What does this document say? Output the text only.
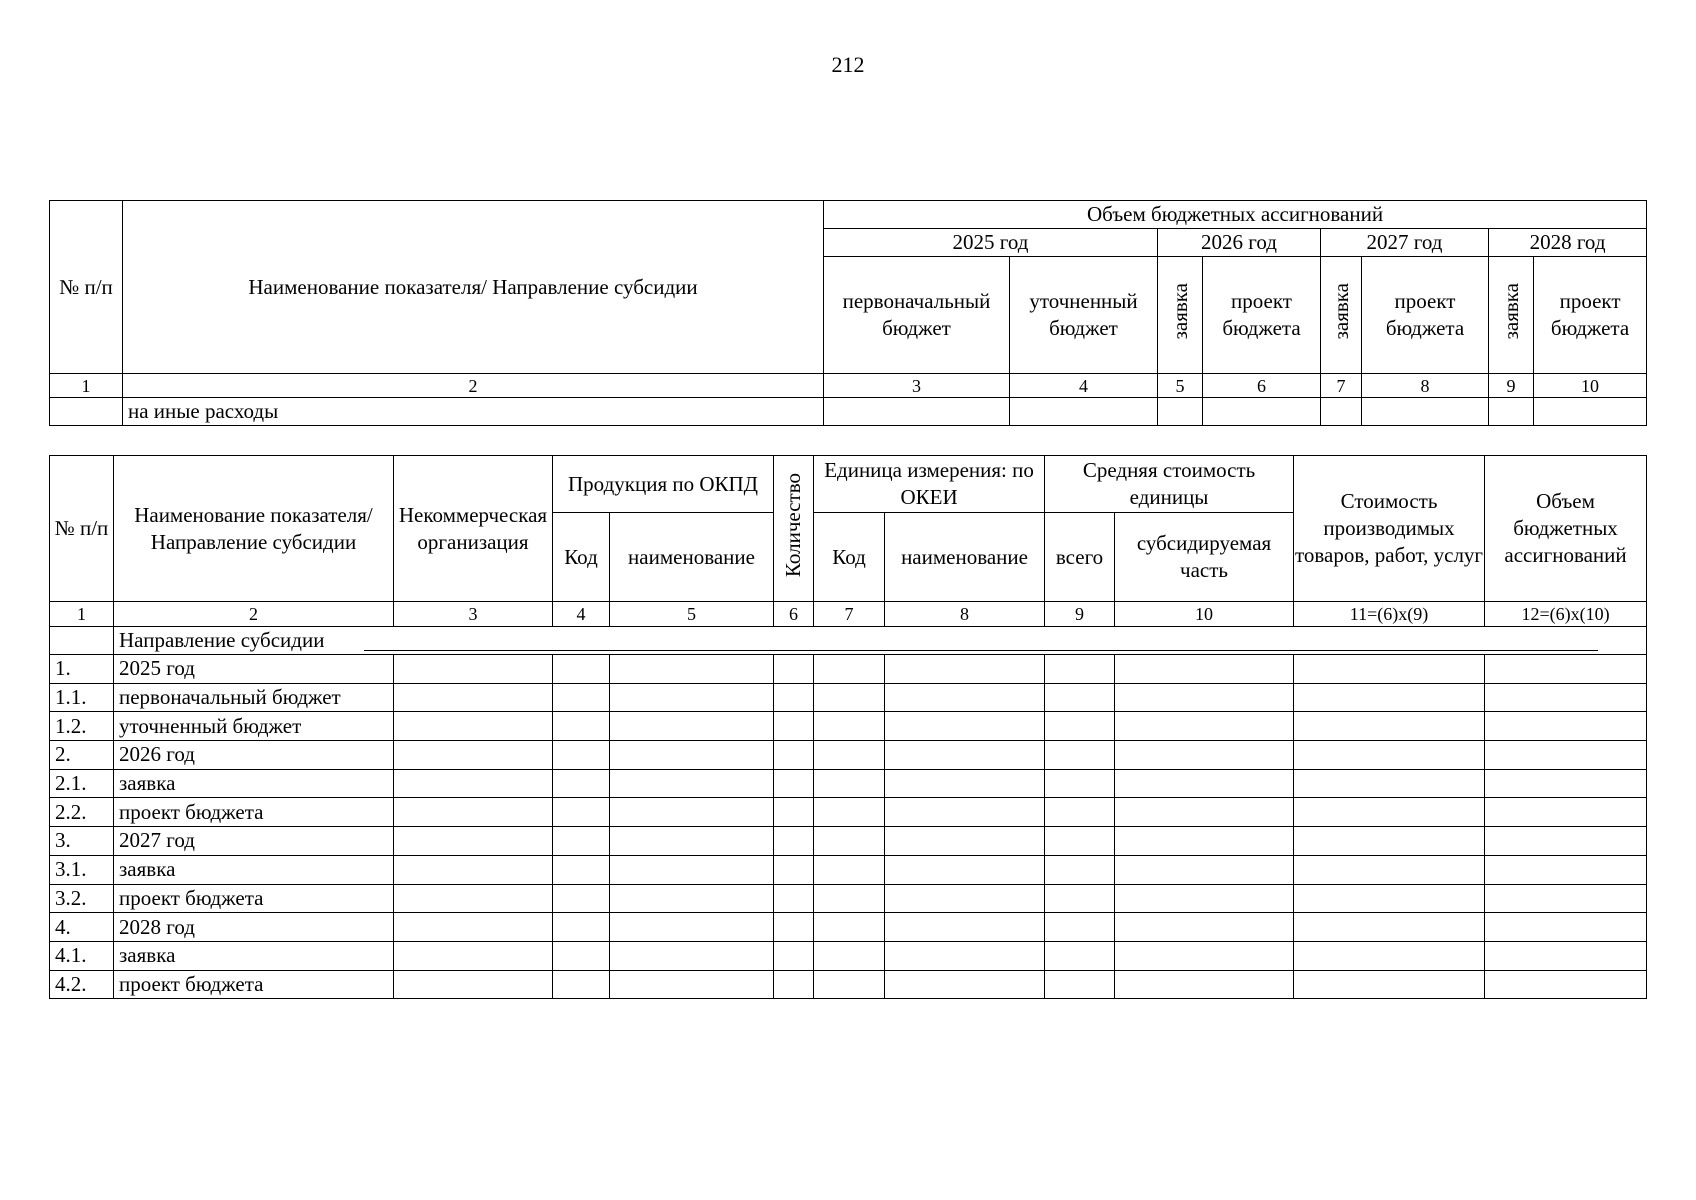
212
№ п/п	Наименование показателя/ Направление субсидии	Объем бюджетных ассигнований							
		2025 год		2026 год		2027 год		2028 год	
		первоначальный бюджет	уточненный бюджет	заявка	проект бюджета	заявка	проект бюджета	заявка	проект бюджета
1	2	3	4	5	6	7	8	9	10
	на иные расходы								
№ п/п	Наименование показателя/ Направление субсидии	Некоммерческая организация	Продукция по ОКПД		Количество	Единица измерения: по ОКЕИ		Средняя стоимость единицы		Стоимость производимых товаров, работ, услуг	Объем бюджетных ассигнований
			Код	наименование		Код	наименование	всего	субсидируемая часть		
1	2	3	4	5	6	7	8	9	10	11=(6)х(9)	12=(6)х(10)
	Направление субсидии										

1.	2025 год										
1.1.	первоначальный бюджет										
1.2.	уточненный бюджет										
2.	2026 год										
2.1.	заявка										
2.2.	проект бюджета										
3.	2027 год										
3.1.	заявка										
3.2.	проект бюджета										
4.	2028 год										
4.1.	заявка										
4.2.	проект бюджета										
